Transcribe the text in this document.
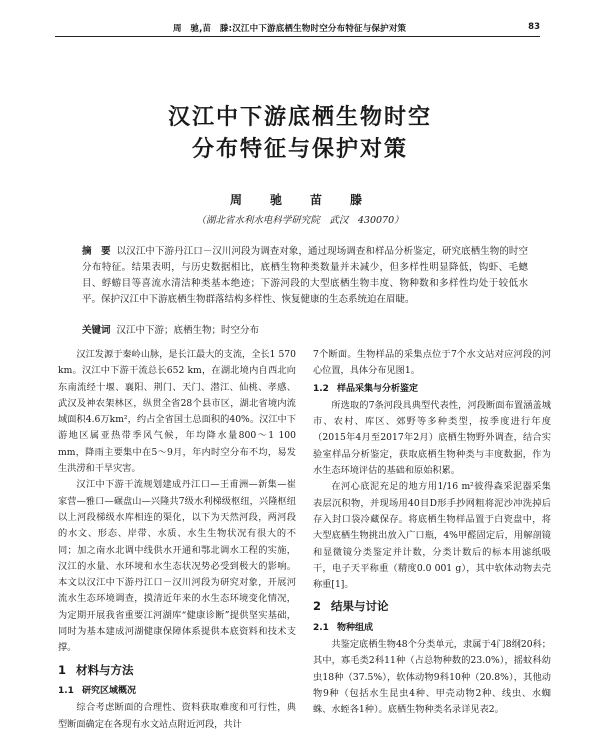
周　驰,苗　滕:汉江中下游底栖生物时空分布特征与保护对策	83
汉江中下游底栖生物时空
分布特征与保护对策
周　驰　苗　滕
（湖北省水利水电科学研究院　武汉　430070）
摘　要 以汉江中下游丹江口－汉川河段为调查对象，通过现场调查和样品分析鉴定，研究底栖生物的时空分布特征。结果表明，与历史数据相比，底栖生物种类数量并未减少，但多样性明显降低，钩虾、毛蟌目、蜉蝣目等喜流水清洁种类基本绝迹；下游河段的大型底栖生物丰度、物种数和多样性均处于较低水平。保护汉江中下游底栖生物群落结构多样性、恢复健康的生态系统迫在眉睫。
关键词 汉江中下游；底栖生物；时空分布

汉江发源于秦岭山脉，是长江最大的支流，全长1 570 km。汉江中下游干流总长652 km，在湖北境内自西北向东南流经十堰、襄阳、荆门、天门、潜江、仙桃、孝感、武汉及神农架林区，纵贯全省28个县市区，湖北省境内流域面积4.6万km²，约占全省国土总面积的40%。汉江中下游地区属亚热带季风气候，年均降水量800～1 100 mm，降雨主要集中在5～9月，年内时空分布不均，易发生洪涝和干旱灾害。

汉江中下游干流规划建成丹江口—王甫洲—新集—崔家营—雅口—碾盘山—兴隆共7级水利梯级枢纽，兴隆枢纽以上河段梯级水库相连的渠化，以下为天然河段，两河段的水文、形态、岸带、水质、水生生物状况有很大的不同；加之南水北调中线供水开通和鄂北调水工程的实施，汉江的水量、水环境和水生态状况势必受到极大的影响。本文以汉江中下游丹江口－汉川河段为研究对象，开展河流水生态环境调查，摸清近年来的水生态环境变化情况，为定期开展我省重要江河湖库“健康诊断”提供坚实基础，同时为基本建成河湖健康保障体系提供本底资料和技术支撑。

1 材料与方法
1.1 研究区域概况

综合考虑断面的合理性、资料获取难度和可行性，典型断面确定在各现有水文站点附近河段，共计

7个断面。生物样品的采集点位于7个水文站对应河段的河心位置，具体分布见图1。

1.2 样品采集与分析鉴定

所选取的7条河段具典型代表性，河段断面布置涵盖城市、农村、库区、郊野等多种类型，按季度进行年度（2015年4月至2017年2月）底栖生物野外调查，结合实验室样品分析鉴定，获取底栖生物种类与丰度数据，作为水生态环境评估的基础和原始积累。

在河心底泥充足的地方用1/16 m²彼得森采泥器采集表层沉积物，并现场用40目D形手抄网粗将泥沙冲洗掉后存入封口袋冷藏保存。将底栖生物样品置于白瓷盘中，将大型底栖生物挑出放入广口瓶，4%甲醛固定后，用解剖镜和显微镜分类鉴定并计数，分类计数后的标本用滤纸吸干，电子天平称重（精度0.0 001 g），其中软体动物去壳称重[1]。

2 结果与讨论
2.1 物种组成

共鉴定底栖生物48个分类单元，隶属于4门8纲20科；其中，寡毛类2科11种（占总物种数的23.0%），摇蚊科幼虫18种（37.5%），软体动物9科10种（20.8%），其他动物9种（包括水生昆虫4种、甲壳动物2种、线虫、水蜘蛛、水蛭各1种）。底栖生物种类名录详见表2。
